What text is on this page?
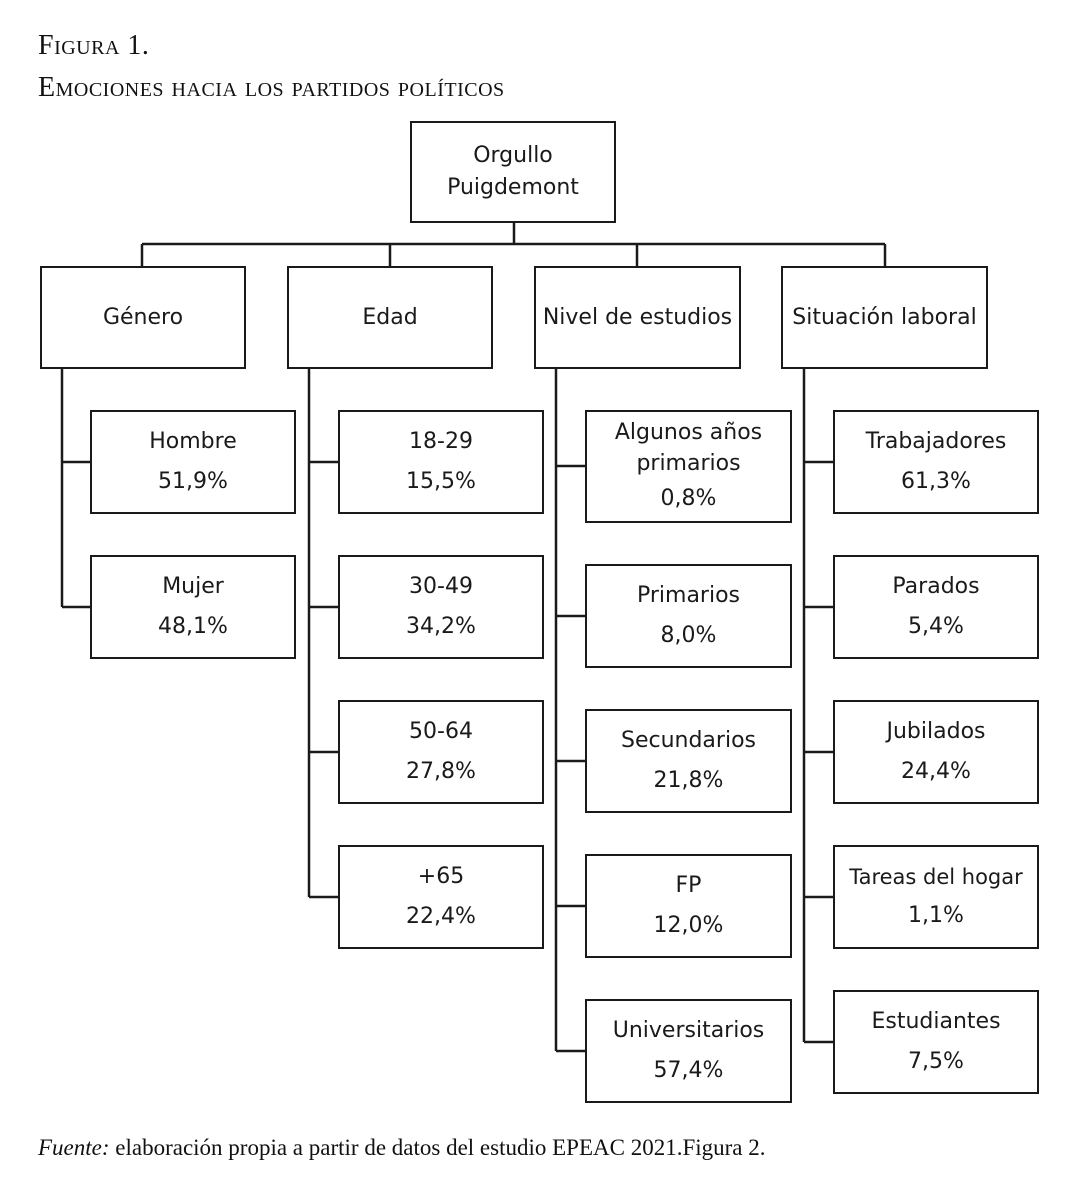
Figura 1.
Emociones hacia los partidos políticos
Orgullo
Puigdemont
Género	Edad	Nivel de estudios	Situación laboral
Hombre
51,9%
Mujer
48,1%
18-29
15,5%
30-49
34,2%
50-64
27,8%
+65
22,4%
Algunos años
primarios
0,8%
Primarios
8,0%
Secundarios
21,8%
FP
12,0%
Universitarios
57,4%
Trabajadores
61,3%
Parados
5,4%
Jubilados
24,4%
Tareas del hogar
1,1%
Estudiantes
7,5%
Fuente: elaboración propia a partir de datos del estudio EPEAC 2021.Figura 2.
